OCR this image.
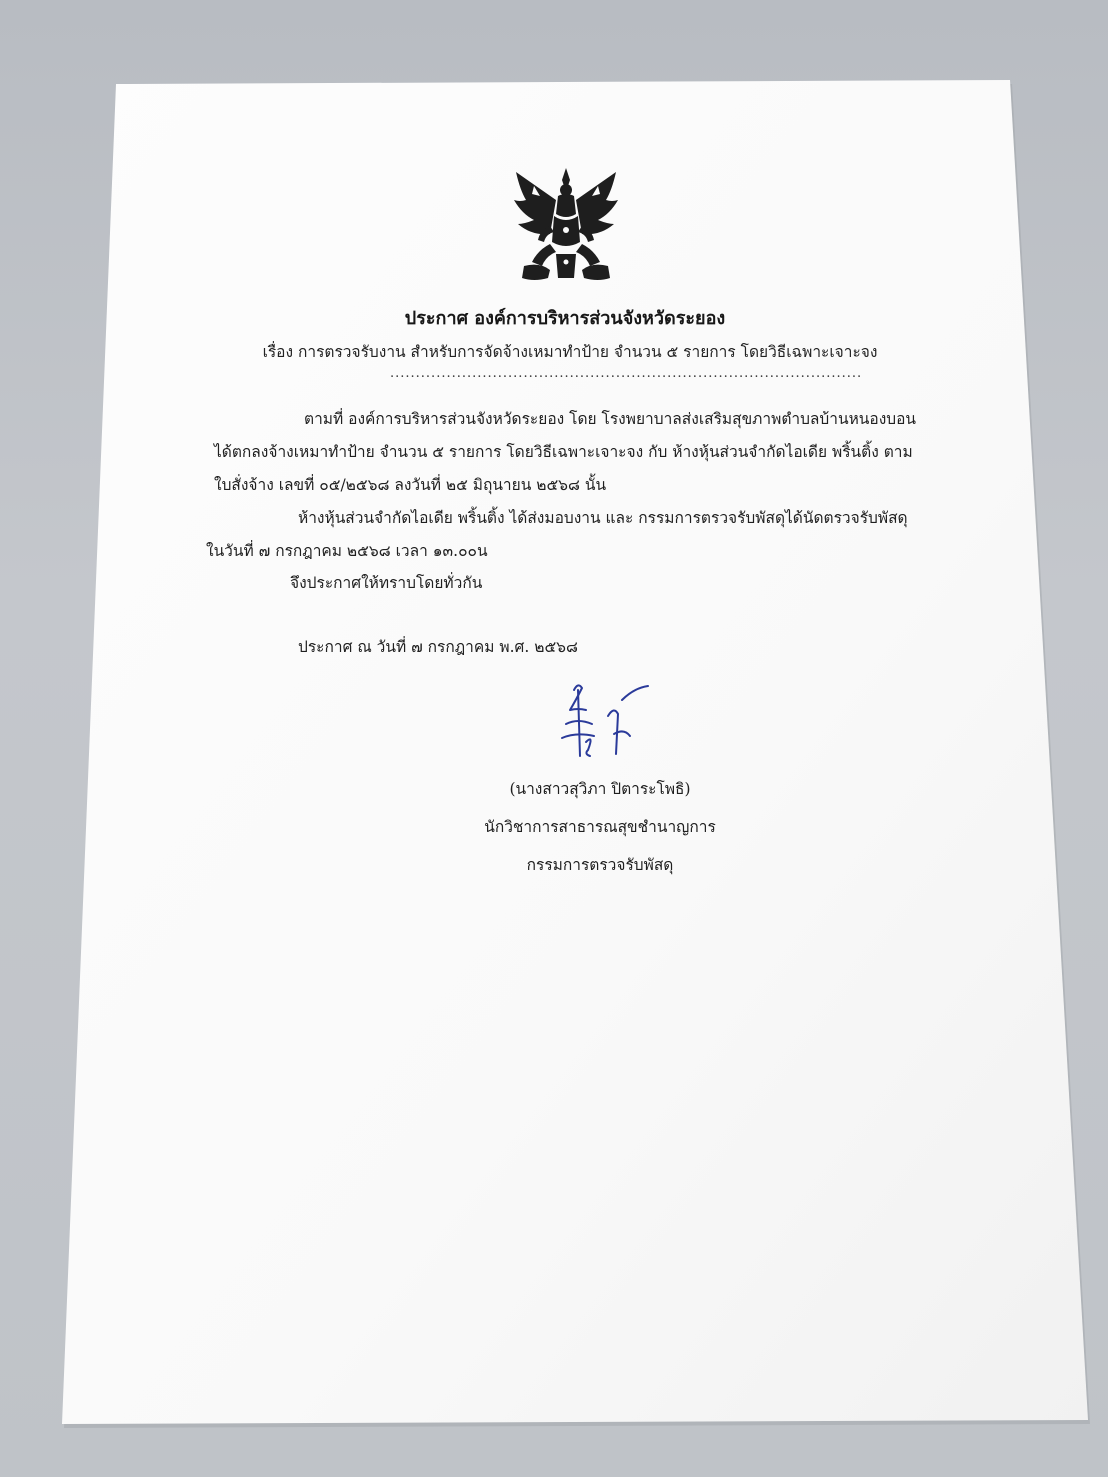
ประกาศ องค์การบริหารส่วนจังหวัดระยอง
เรื่อง การตรวจรับงาน สำหรับการจัดจ้างเหมาทำป้าย จำนวน ๕ รายการ โดยวิธีเฉพาะเจาะจง
............................................................................................
ตามที่ องค์การบริหารส่วนจังหวัดระยอง โดย โรงพยาบาลส่งเสริมสุขภาพตำบลบ้านหนองบอน
ได้ตกลงจ้างเหมาทำป้าย จำนวน ๕ รายการ โดยวิธีเฉพาะเจาะจง กับ ห้างหุ้นส่วนจำกัดไอเดีย พริ้นติ้ง ตาม
ใบสั่งจ้าง เลขที่ ๐๕/๒๕๖๘ ลงวันที่ ๒๕ มิถุนายน ๒๕๖๘ นั้น
ห้างหุ้นส่วนจำกัดไอเดีย พริ้นติ้ง ได้ส่งมอบงาน และ กรรมการตรวจรับพัสดุได้นัดตรวจรับพัสดุ
ในวันที่ ๗ กรกฎาคม ๒๕๖๘ เวลา ๑๓.๐๐น
จึงประกาศให้ทราบโดยทั่วกัน
ประกาศ ณ วันที่ ๗ กรกฎาคม พ.ศ. ๒๕๖๘
(นางสาวสุวิภา ปิตาระโพธิ)
นักวิชาการสาธารณสุขชำนาญการ
กรรมการตรวจรับพัสดุ
